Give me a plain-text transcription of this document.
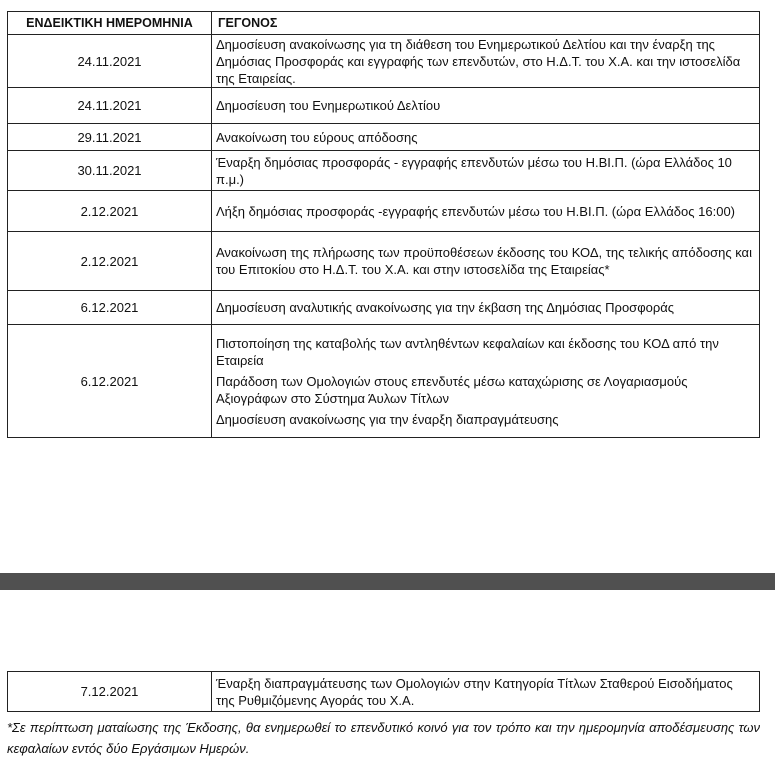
ΕΝΔΕΙΚΤΙΚΗ ΗΜΕΡΟΜΗΝΙΑ	ΓΕΓΟΝΟΣ
24.11.2021	Δημοσίευση ανακοίνωσης για τη διάθεση του Ενημερωτικού Δελτίου και την έναρξη της Δημόσιας Προσφοράς και εγγραφής των επενδυτών, στο Η.Δ.Τ. του Χ.Α. και την ιστοσελίδα της Εταιρείας.
24.11.2021	Δημοσίευση του Ενημερωτικού Δελτίου
29.11.2021	Ανακοίνωση του εύρους απόδοσης
30.11.2021	Έναρξη δημόσιας προσφοράς - εγγραφής επενδυτών μέσω του Η.ΒΙ.Π. (ώρα Ελλάδος 10 π.μ.)
2.12.2021	Λήξη δημόσιας προσφοράς -εγγραφής επενδυτών μέσω του Η.ΒΙ.Π. (ώρα Ελλάδος 16:00)
2.12.2021	Ανακοίνωση της πλήρωσης των προϋποθέσεων έκδοσης του ΚΟΔ, της τελικής απόδοσης και του Επιτοκίου στο Η.Δ.Τ. του Χ.Α. και στην ιστοσελίδα της Εταιρείας*
6.12.2021	Δημοσίευση αναλυτικής ανακοίνωσης για την έκβαση της Δημόσιας Προσφοράς
6.12.2021	Πιστοποίηση της καταβολής των αντληθέντων κεφαλαίων και έκδοσης του ΚΟΔ από την Εταιρεία
Παράδοση των Ομολογιών στους επενδυτές μέσω καταχώρισης σε Λογαριασμούς Αξιογράφων στο Σύστημα Άυλων Τίτλων
Δημοσίευση ανακοίνωσης για την έναρξη διαπραγμάτευσης
7.12.2021	Έναρξη διαπραγμάτευσης των Ομολογιών στην Κατηγορία Τίτλων Σταθερού Εισοδήματος της Ρυθμιζόμενης Αγοράς του Χ.Α.
*Σε περίπτωση ματαίωσης της Έκδοσης, θα ενημερωθεί το επενδυτικό κοινό για τον τρόπο και την ημερομηνία αποδέσμευσης των κεφαλαίων εντός δύο Εργάσιμων Ημερών.
